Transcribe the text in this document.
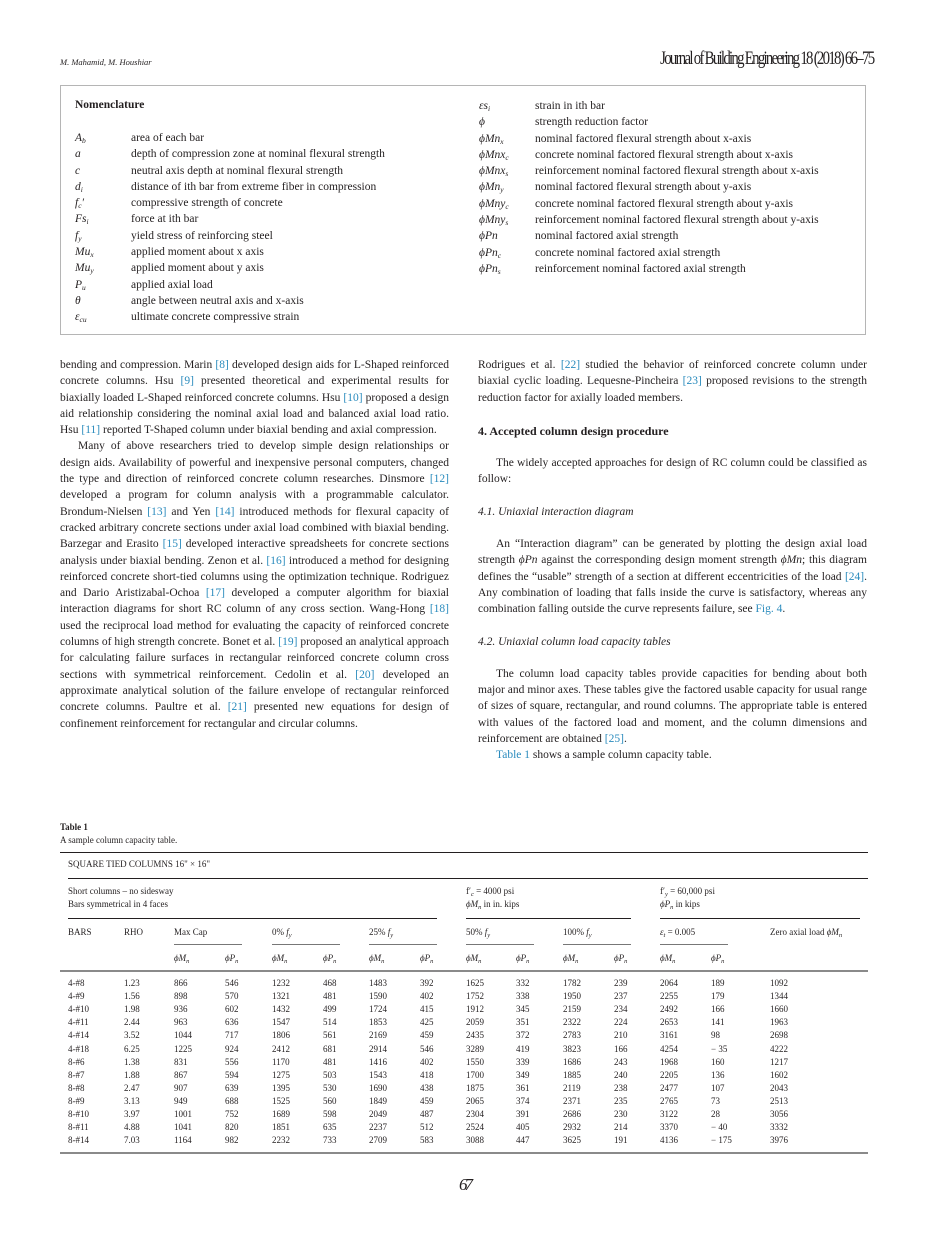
M. Mahamid, M. Houshiar	Journal of Building Engineering 18 (2018) 66–75
Nomenclature
$A_b$	area of each bar
a	depth of compression zone at nominal flexural strength
c	neutral axis depth at nominal flexural strength
$d_i$	distance of ith bar from extreme fiber in compression
$f_c'$	compressive strength of concrete
$Fs_i$	force at ith bar
$f_y$	yield stress of reinforcing steel
$Mu_x$	applied moment about x axis
$Mu_y$	applied moment about y axis
$P_u$	applied axial load
θ	angle between neutral axis and x-axis
$\varepsilon_{cu}$	ultimate concrete compressive strain
$\varepsilon s_i$	strain in ith bar
ϕ	strength reduction factor
ϕMn$_x$	nominal factored flexural strength about x-axis
ϕMnx$_c$	concrete nominal factored flexural strength about x-axis
ϕMnx$_s$	reinforcement nominal factored flexural strength about x-axis
ϕMn$_y$	nominal factored flexural strength about y-axis
ϕMny$_c$	concrete nominal factored flexural strength about y-axis
ϕMny$_s$	reinforcement nominal factored flexural strength about y-axis
ϕPn	nominal factored axial strength
ϕPn$_c$	concrete nominal factored axial strength
ϕPn$_s$	reinforcement nominal factored axial strength

bending and compression. Marin [8] developed design aids for L-Shaped reinforced concrete columns. Hsu [9] presented theoretical and experimental results for biaxially loaded L-Shaped reinforced concrete columns. Hsu [10] proposed a design aid relationship considering the nominal axial load and balanced axial load ratio. Hsu [11] reported T-Shaped column under biaxial bending and axial compression.

Many of above researchers tried to develop simple design relationships or design aids. Availability of powerful and inexpensive personal computers, changed the type and direction of reinforced concrete column researches. Dinsmore [12] developed a program for column analysis with a programmable calculator. Brondum-Nielsen [13] and Yen [14] introduced methods for flexural capacity of cracked arbitrary concrete sections under axial load combined with biaxial bending. Barzegar and Erasito [15] developed interactive spreadsheets for concrete sections analysis under biaxial bending. Zenon et al. [16] introduced a method for designing reinforced concrete short-tied columns using the optimization technique. Rodriguez and Dario Aristizabal-Ochoa [17] developed a computer algorithm for biaxial interaction diagrams for short RC column of any cross section. Wang-Hong [18] used the reciprocal load method for evaluating the capacity of reinforced concrete columns of high strength concrete. Bonet et al. [19] proposed an analytical approach for calculating failure surfaces in rectangular reinforced concrete column cross sections with symmetrical reinforcement. Cedolin et al. [20] developed an approximate analytical solution of the failure envelope of rectangular reinforced concrete columns. Paultre et al. [21] presented new equations for design of confinement reinforcement for rectangular and circular columns.

Rodrigues et al. [22] studied the behavior of reinforced concrete column under biaxial cyclic loading. Lequesne-Pincheira [23] proposed revisions to the strength reduction factor for axially loaded members.

4. Accepted column design procedure

The widely accepted approaches for design of RC column could be classified as follow:

4.1. Uniaxial interaction diagram

An “Interaction diagram” can be generated by plotting the design axial load strength ϕPn against the corresponding design moment strength ϕMn; this diagram defines the “usable” strength of a section at different eccentricities of the load [24]. Any combination of loading that falls inside the curve is satisfactory, whereas any combination falling outside the curve represents failure, see Fig. 4.

4.2. Uniaxial column load capacity tables

The column load capacity tables provide capacities for bending about both major and minor axes. These tables give the factored usable capacity for usual range of sizes of square, rectangular, and round columns. The appropriate table is entered with values of the factored load and moment, and the column dimensions and reinforcement are obtained [25].

Table 1 shows a sample column capacity table.

Table 1
A sample column capacity table.
SQUARE TIED COLUMNS 16" × 16"
Short columns – no sidesway
Bars symmetrical in 4 faces
$f'_c = 4000$ psi
$\phi M_n$ in in. kips
$f'_y = 60,000$ psi
$\phi P_n$ in kips
BARS	RHO	Max Cap	0% $f_y$	25% $f_y$	50% $f_y$	100% $f_y$	$\varepsilon_t = 0.005$	Zero axial load $\phi M_n$
$\phi M_n$	$\phi P_n$	$\phi M_n$	$\phi P_n$	$\phi M_n$	$\phi P_n$	$\phi M_n$	$\phi P_n$	$\phi M_n$	$\phi P_n$	$\phi M_n$	$\phi P_n$
4-#8	1.23	866	546	1232	468	1483	392	1625	332	1782	239	2064	189	1092
4-#9	1.56	898	570	1321	481	1590	402	1752	338	1950	237	2255	179	1344
4-#10	1.98	936	602	1432	499	1724	415	1912	345	2159	234	2492	166	1660
4-#11	2.44	963	636	1547	514	1853	425	2059	351	2322	224	2653	141	1963
4-#14	3.52	1044	717	1806	561	2169	459	2435	372	2783	210	3161	98	2698
4-#18	6.25	1225	924	2412	681	2914	546	3289	419	3823	166	4254	− 35	4222
8-#6	1.38	831	556	1170	481	1416	402	1550	339	1686	243	1968	160	1217
8-#7	1.88	867	594	1275	503	1543	418	1700	349	1885	240	2205	136	1602
8-#8	2.47	907	639	1395	530	1690	438	1875	361	2119	238	2477	107	2043
8-#9	3.13	949	688	1525	560	1849	459	2065	374	2371	235	2765	73	2513
8-#10	3.97	1001	752	1689	598	2049	487	2304	391	2686	230	3122	28	3056
8-#11	4.88	1041	820	1851	635	2237	512	2524	405	2932	214	3370	− 40	3332
8-#14	7.03	1164	982	2232	733	2709	583	3088	447	3625	191	4136	− 175	3976
67
